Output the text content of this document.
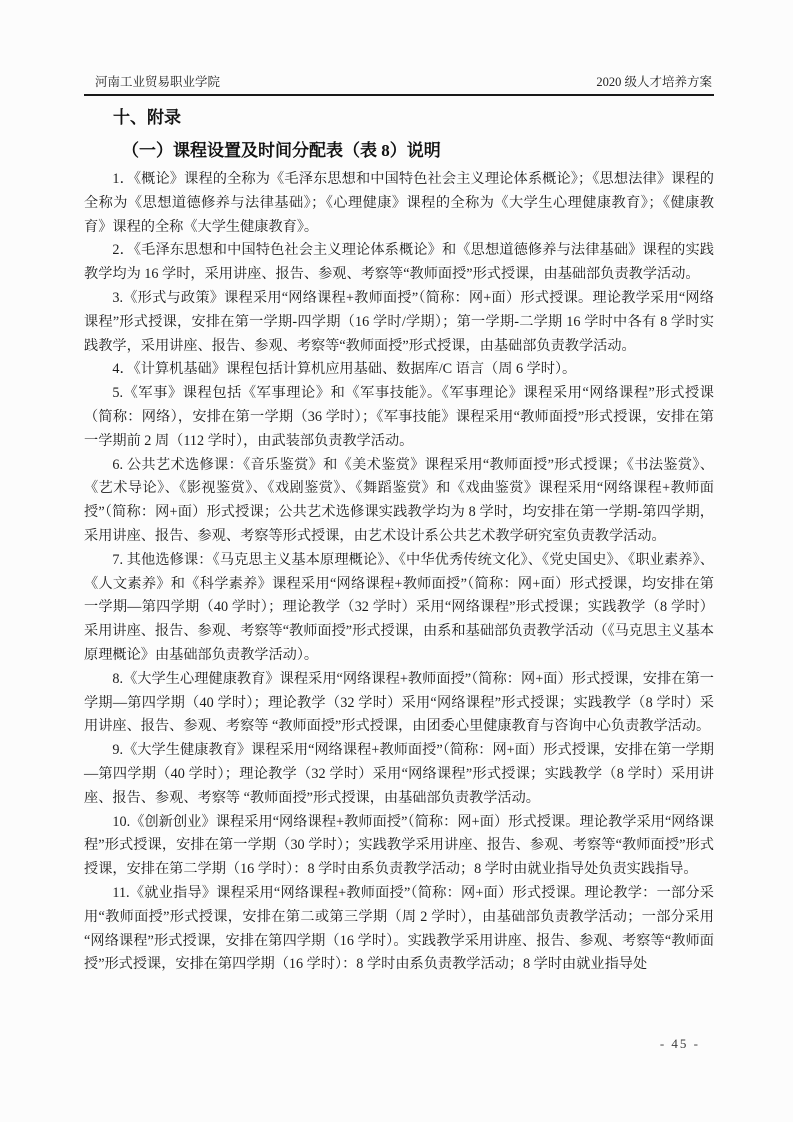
河南工业贸易职业学院	2020 级人才培养方案
十、附录
（一）课程设置及时间分配表（表 8）说明

1．《概论》课程的全称为《毛泽东思想和中国特色社会主义理论体系概论》；《思想法律》课程的全称为《思想道德修养与法律基础》；《心理健康》课程的全称为《大学生心理健康教育》；《健康教育》课程的全称《大学生健康教育》。

2．《毛泽东思想和中国特色社会主义理论体系概论》和《思想道德修养与法律基础》课程的实践教学均为 16 学时，采用讲座、报告、参观、考察等“教师面授”形式授课，由基础部负责教学活动。

3.《形式与政策》课程采用“网络课程+教师面授”（简称：网+面）形式授课。理论教学采用“网络课程”形式授课，安排在第一学期-四学期（16 学时/学期）；第一学期-二学期 16 学时中各有 8 学时实践教学，采用讲座、报告、参观、考察等“教师面授”形式授课，由基础部负责教学活动。

4．《计算机基础》课程包括计算机应用基础、数据库/C 语言（周 6 学时）。

5.《军事》课程包括《军事理论》和《军事技能》。《军事理论》课程采用“网络课程”形式授课（简称：网络），安排在第一学期（36 学时）；《军事技能》课程采用“教师面授”形式授课，安排在第一学期前 2 周（112 学时），由武装部负责教学活动。

6. 公共艺术选修课：《音乐鉴赏》和《美术鉴赏》课程采用“教师面授”形式授课；《书法鉴赏》、《艺术导论》、《影视鉴赏》、《戏剧鉴赏》、《舞蹈鉴赏》和《戏曲鉴赏》课程采用“网络课程+教师面授”（简称：网+面）形式授课；公共艺术选修课实践教学均为 8 学时，均安排在第一学期-第四学期，采用讲座、报告、参观、考察等形式授课，由艺术设计系公共艺术教学研究室负责教学活动。

7. 其他选修课：《马克思主义基本原理概论》、《中华优秀传统文化》、《党史国史》、《职业素养》、《人文素养》和《科学素养》课程采用“网络课程+教师面授”（简称：网+面）形式授课，均安排在第一学期—第四学期（40 学时）；理论教学（32 学时）采用“网络课程”形式授课；实践教学（8 学时）采用讲座、报告、参观、考察等“教师面授”形式授课，由系和基础部负责教学活动（《马克思主义基本原理概论》由基础部负责教学活动）。

8.《大学生心理健康教育》课程采用“网络课程+教师面授”（简称：网+面）形式授课，安排在第一学期—第四学期（40 学时）；理论教学（32 学时）采用“网络课程”形式授课；实践教学（8 学时）采用讲座、报告、参观、考察等 “教师面授”形式授课，由团委心里健康教育与咨询中心负责教学活动。

9.《大学生健康教育》课程采用“网络课程+教师面授”（简称：网+面）形式授课，安排在第一学期—第四学期（40 学时）；理论教学（32 学时）采用“网络课程”形式授课；实践教学（8 学时）采用讲座、报告、参观、考察等 “教师面授”形式授课，由基础部负责教学活动。

10.《创新创业》课程采用“网络课程+教师面授”（简称：网+面）形式授课。理论教学采用“网络课程”形式授课，安排在第一学期（30 学时）；实践教学采用讲座、报告、参观、考察等“教师面授”形式授课，安排在第二学期（16 学时）：8 学时由系负责教学活动；8 学时由就业指导处负责实践指导。

11.《就业指导》课程采用“网络课程+教师面授”（简称：网+面）形式授课。理论教学：一部分采用“教师面授”形式授课，安排在第二或第三学期（周 2 学时），由基础部负责教学活动；一部分采用“网络课程”形式授课，安排在第四学期（16 学时）。实践教学采用讲座、报告、参观、考察等“教师面授”形式授课，安排在第四学期（16 学时）：8 学时由系负责教学活动；8 学时由就业指导处

- 45 -
